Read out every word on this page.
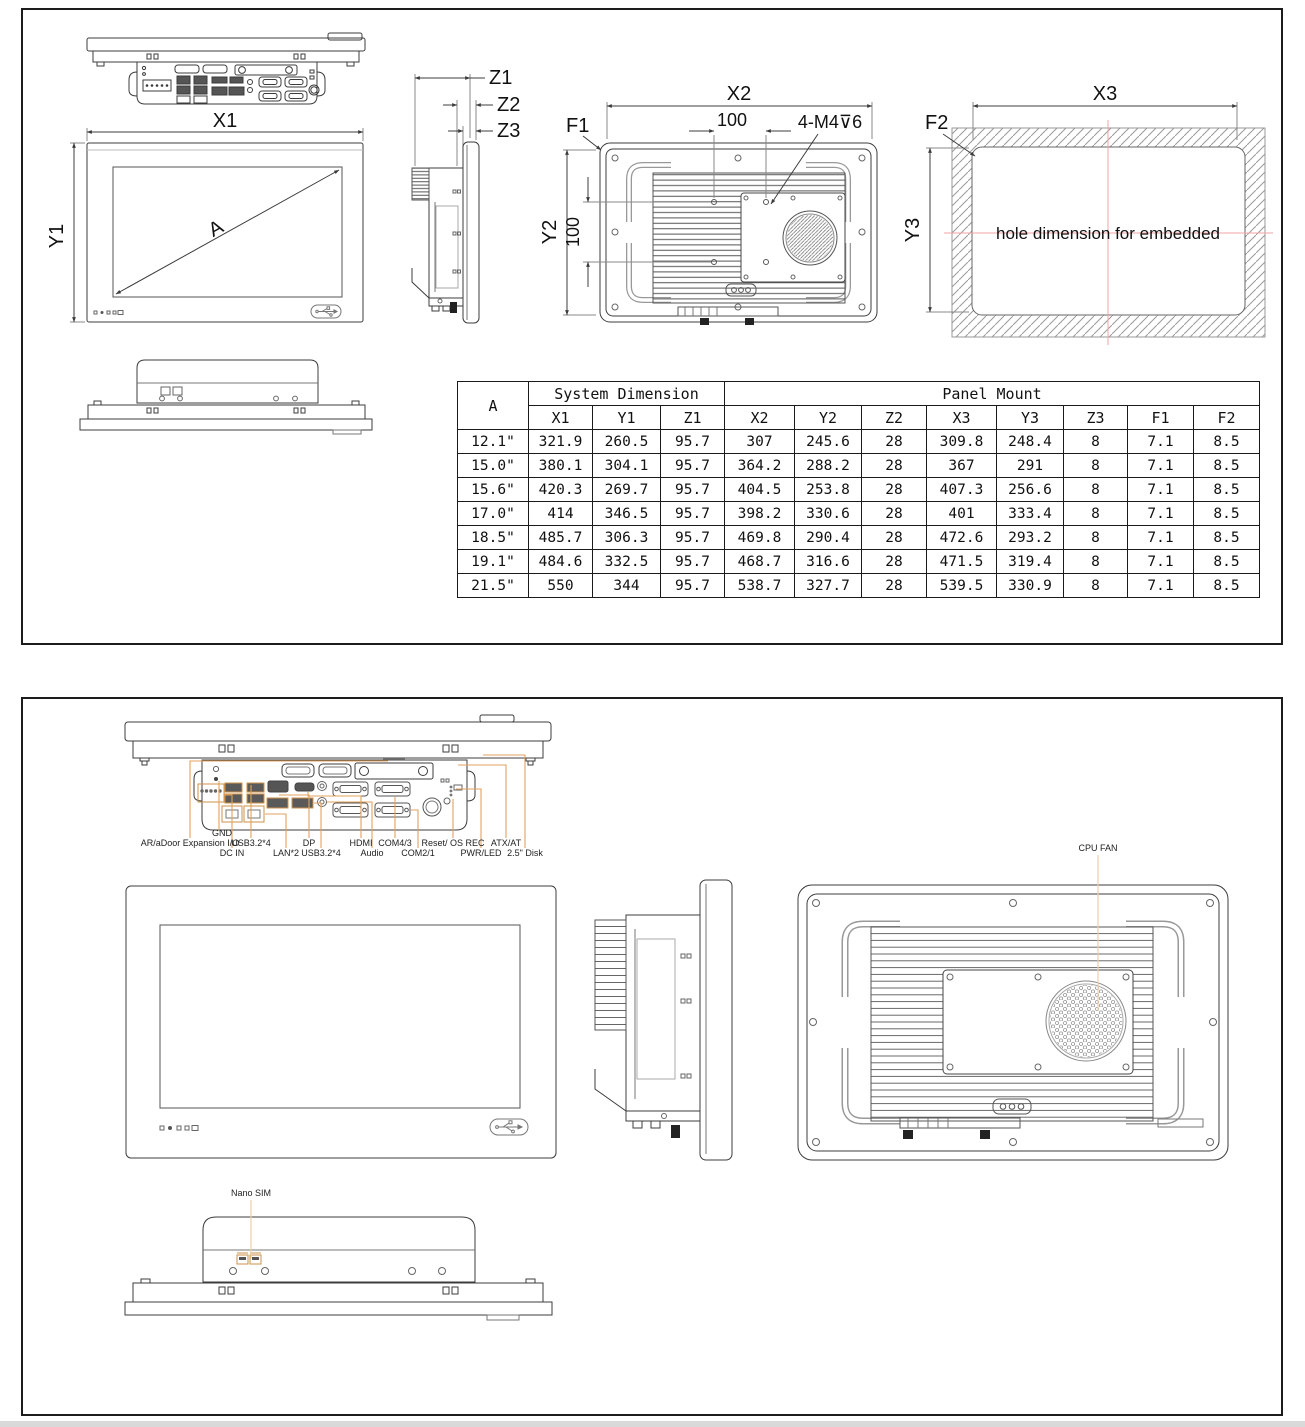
X1
Y1	A
Z1
Z2
Z3
X2
Y2
F1	100
100
4-M4⊽6
X3
Y3
F2
hole dimension for embedded
A	System Dimension			Panel Mount							
	X1	Y1	Z1	X2	Y2	Z2	X3	Y3	Z3	F1	F2
12.1"	321.9	260.5	95.7	307	245.6	28	309.8	248.4	8	7.1	8.5
15.0"	380.1	304.1	95.7	364.2	288.2	28	367	291	8	7.1	8.5
15.6"	420.3	269.7	95.7	404.5	253.8	28	407.3	256.6	8	7.1	8.5
17.0"	414	346.5	95.7	398.2	330.6	28	401	333.4	8	7.1	8.5
18.5"	485.7	306.3	95.7	469.8	290.4	28	472.6	293.2	8	7.1	8.5
19.1"	484.6	332.5	95.7	468.7	316.6	28	471.5	319.4	8	7.1	8.5
21.5"	550	344	95.7	538.7	327.7	28	539.5	330.9	8	7.1	8.5
GND
AR/aDoor Expansion I/O
USB3.2*4	DP	HDMI COM4/3 Reset/ OS REC ATX/AT
DC IN	LAN*2 USB3.2*4 Audio COM2/1	PWR/LED 2.5" Disk	CPU FAN
Nano SIM
